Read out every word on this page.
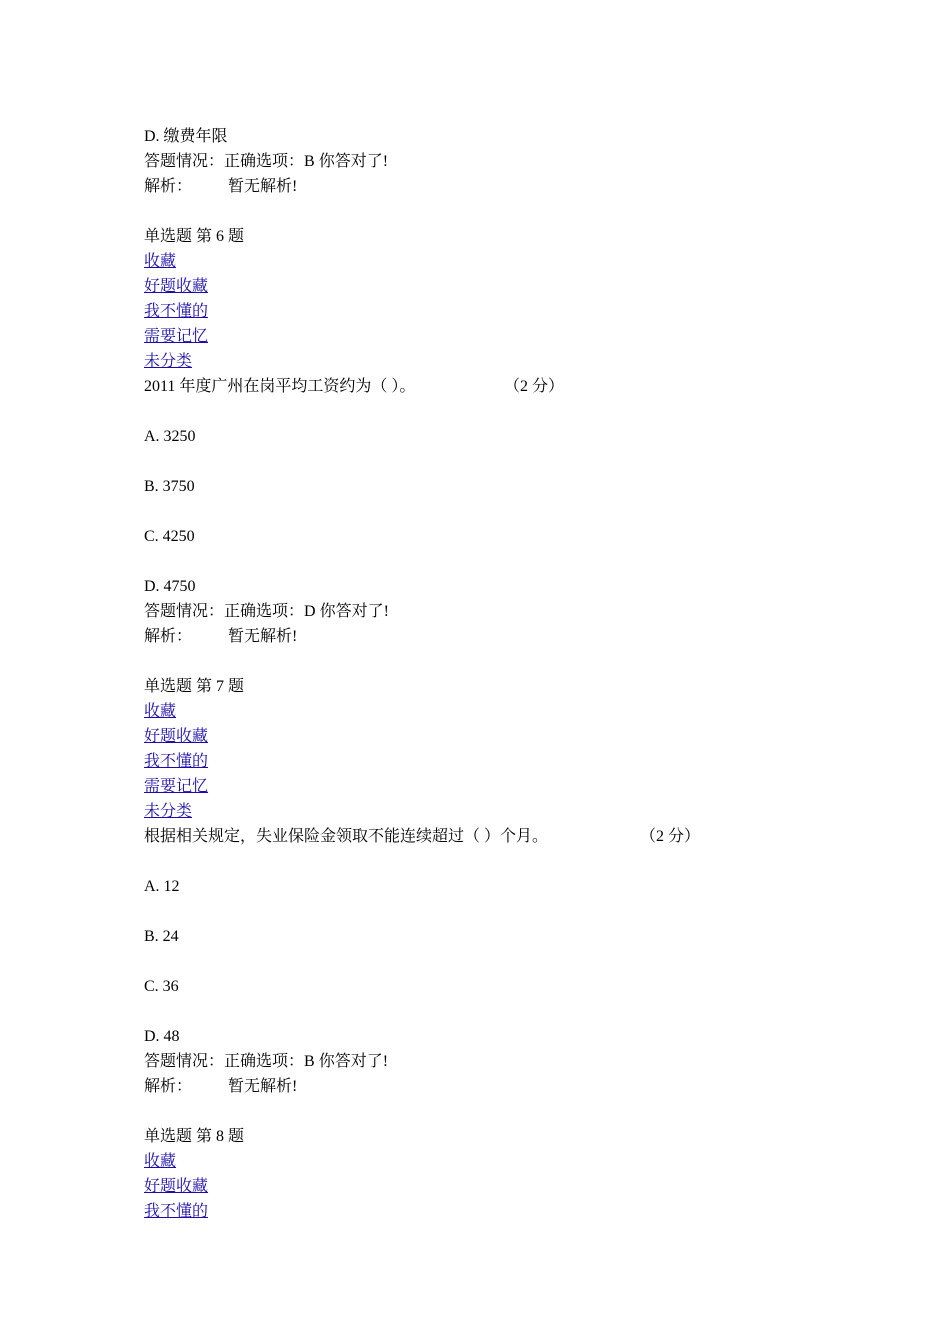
D. 缴费年限
答题情况：正确选项：B 你答对了!
解析： 暂无解析!
单选题 第 6 题
收藏
好题收藏
我不懂的
需要记忆
未分类
2011 年度广州在岗平均工资约为（ ）。	（2 分）
A. 3250
B. 3750
C. 4250
D. 4750
答题情况：正确选项：D 你答对了!
解析： 暂无解析!
单选题 第 7 题
收藏
好题收藏
我不懂的
需要记忆
未分类
根据相关规定，失业保险金领取不能连续超过（ ）个月。	（2 分）
A. 12
B. 24
C. 36
D. 48
答题情况：正确选项：B 你答对了!
解析： 暂无解析!
单选题 第 8 题
收藏
好题收藏
我不懂的
